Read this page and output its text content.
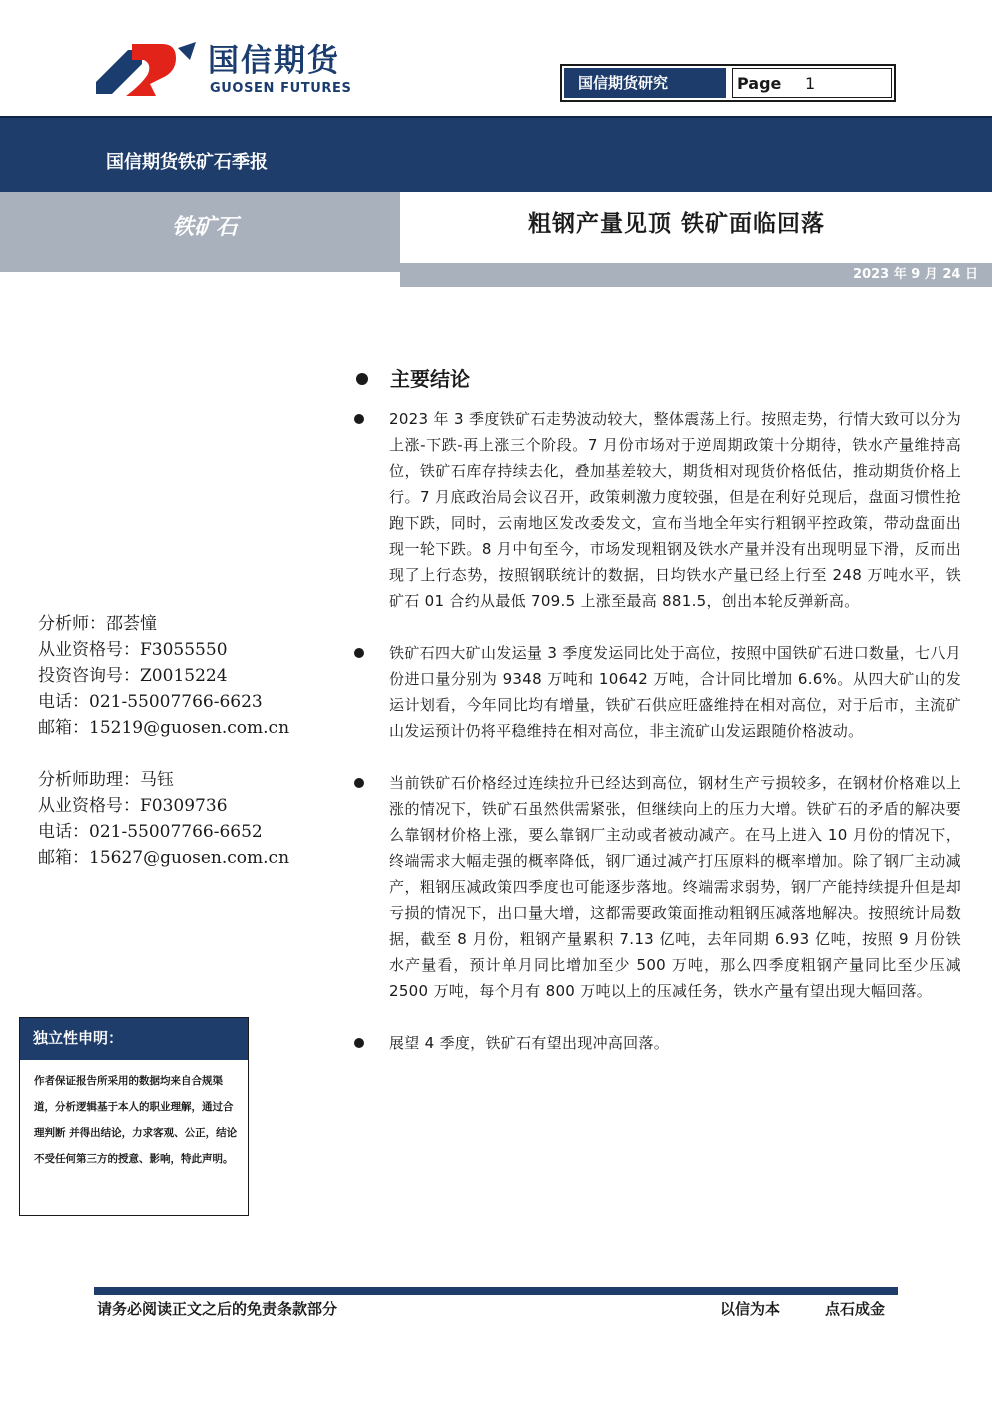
国信期货
GUOSEN FUTURES	国信期货研究	Page 1
国信期货铁矿石季报
铁矿石	粗钢产量见顶 铁矿面临回落
2023 年 9 月 24 日
分析师：邵荟憧
从业资格号：F3055550
投资咨询号：Z0015224
电话：021-55007766-6623
邮箱：15219@guosen.com.cn
分析师助理：马钰
从业资格号：F0309736
电话：021-55007766-6652
邮箱：15627@guosen.com.cn
独立性申明：
作者保证报告所采用的数据均来自合规渠道，分析逻辑基于本人的职业理解，通过合理判断 并得出结论，力求客观、公正，结论不受任何第三方的授意、影响，特此声明。
主要结论
2023 年 3 季度铁矿石走势波动较大，整体震荡上行。按照走势，行情大致可以分为上涨-下跌-再上涨三个阶段。7 月份市场对于逆周期政策十分期待，铁水产量维持高位，铁矿石库存持续去化，叠加基差较大，期货相对现货价格低估，推动期货价格上行。7 月底政治局会议召开，政策刺激力度较强，但是在利好兑现后，盘面习惯性抢跑下跌，同时，云南地区发改委发文，宣布当地全年实行粗钢平控政策，带动盘面出现一轮下跌。8 月中旬至今，市场发现粗钢及铁水产量并没有出现明显下滑，反而出现了上行态势，按照钢联统计的数据，日均铁水产量已经上行至 248 万吨水平，铁矿石 01 合约从最低 709.5 上涨至最高 881.5，创出本轮反弹新高。
铁矿石四大矿山发运量 3 季度发运同比处于高位，按照中国铁矿石进口数量，七八月份进口量分别为 9348 万吨和 10642 万吨，合计同比增加 6.6%。从四大矿山的发运计划看，今年同比均有增量，铁矿石供应旺盛维持在相对高位，对于后市，主流矿山发运预计仍将平稳维持在相对高位，非主流矿山发运跟随价格波动。
当前铁矿石价格经过连续拉升已经达到高位，钢材生产亏损较多，在钢材价格难以上涨的情况下，铁矿石虽然供需紧张，但继续向上的压力大增。铁矿石的矛盾的解决要么靠钢材价格上涨，要么靠钢厂主动或者被动减产。在马上进入 10 月份的情况下，终端需求大幅走强的概率降低，钢厂通过减产打压原料的概率增加。除了钢厂主动减产，粗钢压减政策四季度也可能逐步落地。终端需求弱势，钢厂产能持续提升但是却亏损的情况下，出口量大增，这都需要政策面推动粗钢压减落地解决。按照统计局数据，截至 8 月份，粗钢产量累积 7.13 亿吨，去年同期 6.93 亿吨，按照 9 月份铁水产量看，预计单月同比增加至少 500 万吨，那么四季度粗钢产量同比至少压减 2500 万吨，每个月有 800 万吨以上的压减任务，铁水产量有望出现大幅回落。
展望 4 季度，铁矿石有望出现冲高回落。
请务必阅读正文之后的免责条款部分	以信为本	点石成金
